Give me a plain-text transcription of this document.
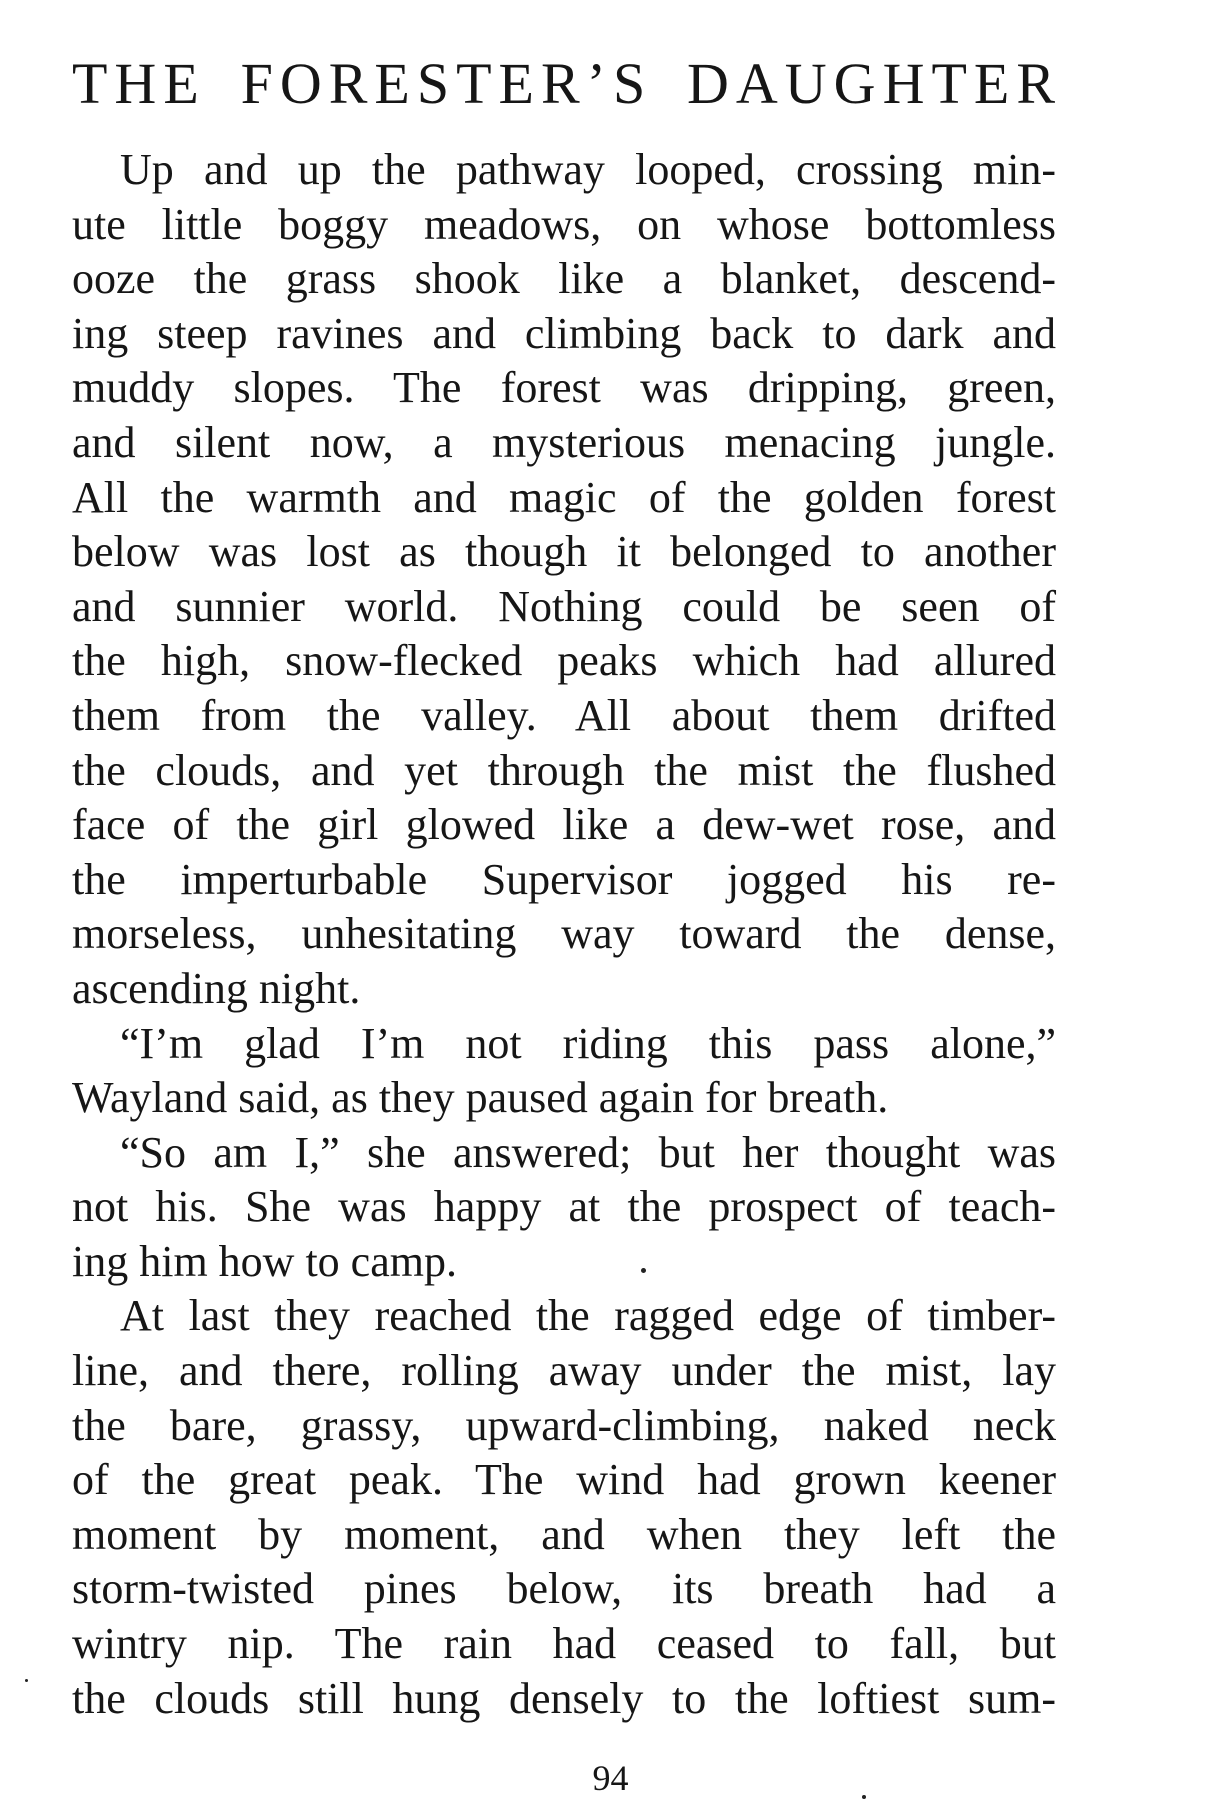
THE FORESTER’S DAUGHTER
Up and up the pathway looped, crossing min-
ute little boggy meadows, on whose bottomless
ooze the grass shook like a blanket, descend-
ing steep ravines and climbing back to dark and
muddy slopes. The forest was dripping, green,
and silent now, a mysterious menacing jungle.
All the warmth and magic of the golden forest
below was lost as though it belonged to another
and sunnier world. Nothing could be seen of
the high, snow-flecked peaks which had allured
them from the valley. All about them drifted
the clouds, and yet through the mist the flushed
face of the girl glowed like a dew-wet rose, and
the imperturbable Supervisor jogged his re-
morseless, unhesitating way toward the dense,
ascending night.
“I’m glad I’m not riding this pass alone,”
Wayland said, as they paused again for breath.
“So am I,” she answered; but her thought was
not his. She was happy at the prospect of teach-
ing him how to camp.
At last they reached the ragged edge of timber-
line, and there, rolling away under the mist, lay
the bare, grassy, upward-climbing, naked neck
of the great peak. The wind had grown keener
moment by moment, and when they left the
storm-twisted pines below, its breath had a
wintry nip. The rain had ceased to fall, but
the clouds still hung densely to the loftiest sum-
94
